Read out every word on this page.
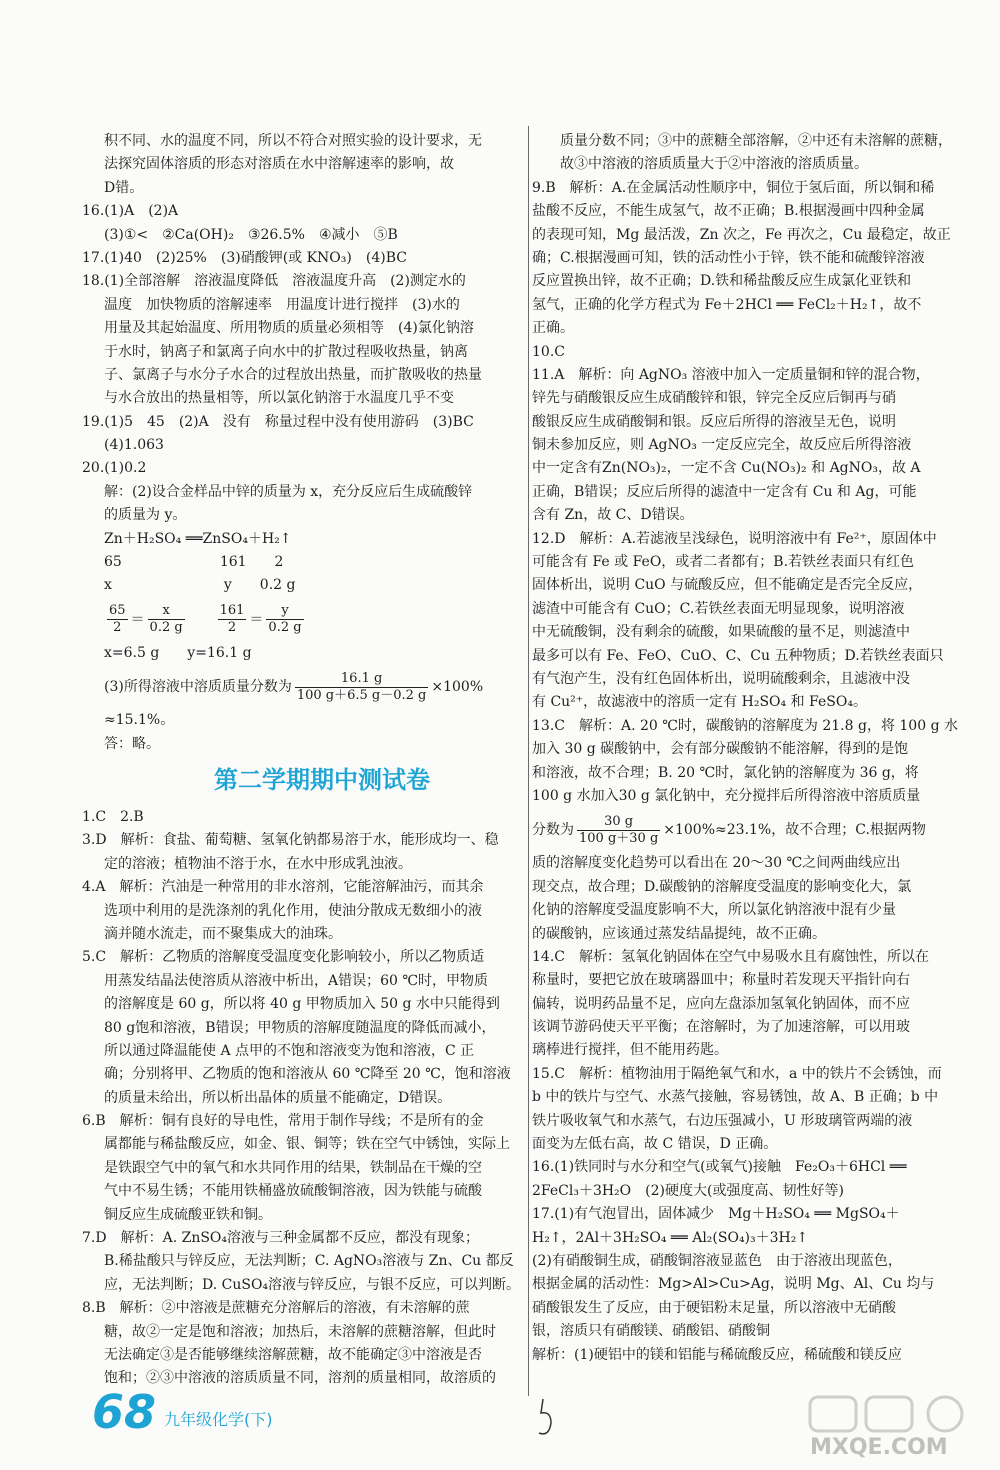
积不同、水的温度不同，所以不符合对照实验的设计要求，无
法探究固体溶质的形态对溶质在水中溶解速率的影响，故
D错。
16.(1)A　(2)A
(3)①<　②Ca(OH)₂　③26.5%　④减小　⑤B
17.(1)40　(2)25%　(3)硝酸钾(或 KNO₃)　(4)BC
18.(1)全部溶解　溶液温度降低　溶液温度升高　(2)测定水的
温度　加快物质的溶解速率　用温度计进行搅拌　(3)水的
用量及其起始温度、所用物质的质量必须相等　(4)氯化钠溶
于水时，钠离子和氯离子向水中的扩散过程吸收热量，钠离
子、氯离子与水分子水合的过程放出热量，而扩散吸收的热量
与水合放出的热量相等，所以氯化钠溶于水温度几乎不变
19.(1)5　45　(2)A　没有　称量过程中没有使用游码　(3)BC
(4)1.063
20.(1)0.2
解：(2)设合金样品中锌的质量为 x，充分反应后生成硫酸锌
的质量为 y。
Zn＋H₂SO₄ ══ZnSO₄＋H₂↑
65　　　　　　　161　　2
x　　　　　　　　y　　0.2 g
$\frac{65}{2} = \frac{x}{0.2 g}$
	$\frac{161}{2} = \frac{y}{0.2 g}$
x=6.5 g　　y=16.1 g
(3)所得溶液中溶质质量分数为 $\frac{16.1 g}{100 g+6.5 g-0.2 g} \times 100\%$
≈15.1%。
答：略。
第二学期期中测试卷
1.C　2.B
3.D　解析：食盐、葡萄糖、氢氧化钠都易溶于水，能形成均一、稳
定的溶液；植物油不溶于水，在水中形成乳浊液。
4.A　解析：汽油是一种常用的非水溶剂，它能溶解油污，而其余
选项中利用的是洗涤剂的乳化作用，使油分散成无数细小的液
滴并随水流走，而不聚集成大的油珠。
5.C　解析：乙物质的溶解度受温度变化影响较小，所以乙物质适
用蒸发结晶法使溶质从溶液中析出，A错误；60 ℃时，甲物质
的溶解度是 60 g，所以将 40 g 甲物质加入 50 g 水中只能得到
80 g饱和溶液，B错误；甲物质的溶解度随温度的降低而减小，
所以通过降温能使 A 点甲的不饱和溶液变为饱和溶液，C 正
确；分别将甲、乙物质的饱和溶液从 60 ℃降至 20 ℃，饱和溶液
的质量未给出，所以析出晶体的质量不能确定，D错误。
6.B　解析：铜有良好的导电性，常用于制作导线；不是所有的金
属都能与稀盐酸反应，如金、银、铜等；铁在空气中锈蚀，实际上
是铁跟空气中的氧气和水共同作用的结果，铁制品在干燥的空
气中不易生锈；不能用铁桶盛放硫酸铜溶液，因为铁能与硫酸
铜反应生成硫酸亚铁和铜。
7.D　解析：A. ZnSO₄溶液与三种金属都不反应，都没有现象；
B.稀盐酸只与锌反应，无法判断；C. AgNO₃溶液与 Zn、Cu 都反
应，无法判断；D. CuSO₄溶液与锌反应，与银不反应，可以判断。
8.B　解析：②中溶液是蔗糖充分溶解后的溶液，有未溶解的蔗
糖，故②一定是饱和溶液；加热后，未溶解的蔗糖溶解，但此时
无法确定③是否能够继续溶解蔗糖，故不能确定③中溶液是否
饱和；②③中溶液的溶质质量不同，溶剂的质量相同，故溶质的
质量分数不同；③中的蔗糖全部溶解，②中还有未溶解的蔗糖，
故③中溶液的溶质质量大于②中溶液的溶质质量。
9.B　解析：A.在金属活动性顺序中，铜位于氢后面，所以铜和稀
盐酸不反应，不能生成氢气，故不正确；B.根据漫画中四种金属
的表现可知，Mg 最活泼，Zn 次之，Fe 再次之，Cu 最稳定，故正
确；C.根据漫画可知，铁的活动性小于锌，铁不能和硫酸锌溶液
反应置换出锌，故不正确；D.铁和稀盐酸反应生成氯化亚铁和
氢气，正确的化学方程式为 Fe＋2HCl ══ FeCl₂＋H₂↑，故不
正确。
10.C
11.A　解析：向 AgNO₃ 溶液中加入一定质量铜和锌的混合物，
锌先与硝酸银反应生成硝酸锌和银，锌完全反应后铜再与硝
酸银反应生成硝酸铜和银。反应后所得的溶液呈无色，说明
铜未参加反应，则 AgNO₃ 一定反应完全，故反应后所得溶液
中一定含有Zn(NO₃)₂，一定不含 Cu(NO₃)₂ 和 AgNO₃，故 A
正确，B错误；反应后所得的滤渣中一定含有 Cu 和 Ag，可能
含有 Zn，故 C、D错误。
12.D　解析：A.若滤液呈浅绿色，说明溶液中有 Fe²⁺，原固体中
可能含有 Fe 或 FeO，或者二者都有；B.若铁丝表面只有红色
固体析出，说明 CuO 与硫酸反应，但不能确定是否完全反应，
滤渣中可能含有 CuO；C.若铁丝表面无明显现象，说明溶液
中无硫酸铜，没有剩余的硫酸，如果硫酸的量不足，则滤渣中
最多可以有 Fe、FeO、CuO、C、Cu 五种物质；D.若铁丝表面只
有气泡产生，没有红色固体析出，说明硫酸剩余，且滤液中没
有 Cu²⁺，故滤液中的溶质一定有 H₂SO₄ 和 FeSO₄。
13.C　解析：A. 20 ℃时，碳酸钠的溶解度为 21.8 g，将 100 g 水
加入 30 g 碳酸钠中，会有部分碳酸钠不能溶解，得到的是饱
和溶液，故不合理；B. 20 ℃时，氯化钠的溶解度为 36 g，将
100 g 水加入30 g 氯化钠中，充分搅拌后所得溶液中溶质质量
分数为 $\frac{30 g}{100 g+30 g} \times 100\%\approx 23.1\%$，故不合理；C.根据两物
质的溶解度变化趋势可以看出在 20～30 ℃之间两曲线应出
现交点，故合理；D.碳酸钠的溶解度受温度的影响变化大，氯
化钠的溶解度受温度影响不大，所以氯化钠溶液中混有少量
的碳酸钠，应该通过蒸发结晶提纯，故不正确。
14.C　解析：氢氧化钠固体在空气中易吸水且有腐蚀性，所以在
称量时，要把它放在玻璃器皿中；称量时若发现天平指针向右
偏转，说明药品量不足，应向左盘添加氢氧化钠固体，而不应
该调节游码使天平平衡；在溶解时，为了加速溶解，可以用玻
璃棒进行搅拌，但不能用药匙。
15.C　解析：植物油用于隔绝氧气和水，a 中的铁片不会锈蚀，而
b 中的铁片与空气、水蒸气接触，容易锈蚀，故 A、B 正确；b 中
铁片吸收氧气和水蒸气，右边压强减小，U 形玻璃管两端的液
面变为左低右高，故 C 错误，D 正确。
16.(1)铁同时与水分和空气(或氧气)接触　Fe₂O₃＋6HCl ══
2FeCl₃＋3H₂O　(2)硬度大(或强度高、韧性好等)
17.(1)有气泡冒出，固体减少　Mg＋H₂SO₄ ══ MgSO₄＋
H₂↑，2Al＋3H₂SO₄ ══ Al₂(SO₄)₃＋3H₂↑
(2)有硝酸铜生成，硝酸铜溶液显蓝色　由于溶液出现蓝色，
根据金属的活动性：Mg>Al>Cu>Ag，说明 Mg、Al、Cu 均与
硝酸银发生了反应，由于硬铝粉末足量，所以溶液中无硝酸
银，溶质只有硝酸镁、硝酸铝、硝酸铜
解析：(1)硬铝中的镁和铝能与稀硫酸反应，稀硫酸和镁反应
68 九年级化学(下)
MXQE.COM
